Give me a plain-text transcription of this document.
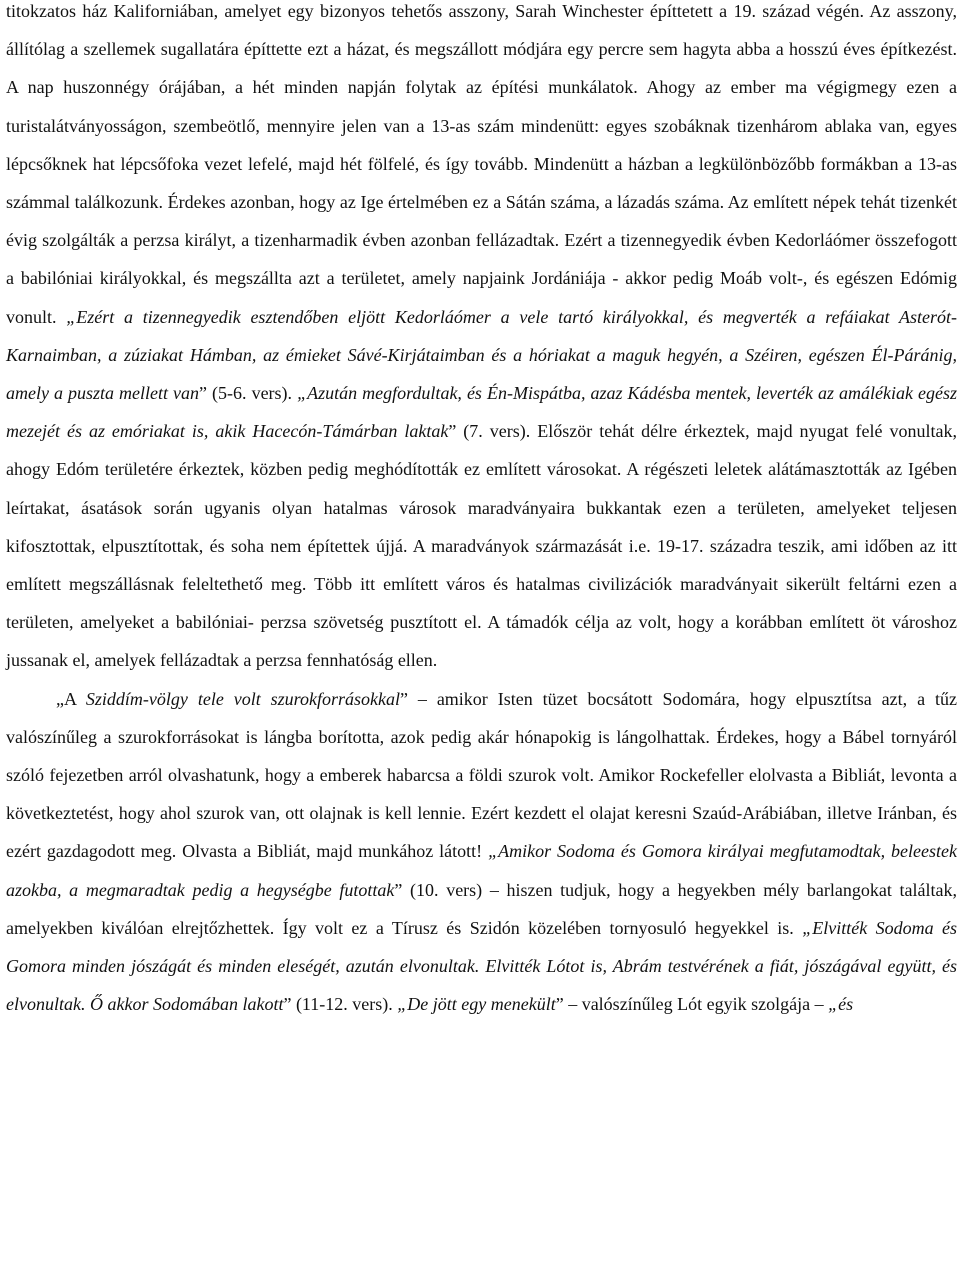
titokzatos ház Kaliforniában, amelyet egy bizonyos tehetős asszony, Sarah Winchester építtetett a 19. század végén. Az asszony, állítólag a szellemek sugallatára építtette ezt a házat, és megszállott módjára egy percre sem hagyta abba a hosszú éves építkezést. A nap huszonnégy órájában, a hét minden napján folytak az építési munkálatok. Ahogy az ember ma végigmegy ezen a turistalátványosságon, szembeötlő, mennyire jelen van a 13-as szám mindenütt: egyes szobáknak tizenhárom ablaka van, egyes lépcsőknek hat lépcsőfoka vezet lefelé, majd hét fölfelé, és így tovább. Mindenütt a házban a legkülönbözőbb formákban a 13-as számmal találkozunk. Érdekes azonban, hogy az Ige értelmében ez a Sátán száma, a lázadás száma. Az említett népek tehát tizenkét évig szolgálták a perzsa királyt, a tizenharmadik évben azonban fellázadtak. Ezért a tizennegyedik évben Kedorláómer összefogott a babilóniai királyokkal, és megszállta azt a területet, amely napjaink Jordániája - akkor pedig Moáb volt-, és egészen Edómig vonult. „Ezért a tizennegyedik esztendőben eljött Kedorláómer a vele tartó királyokkal, és megverték a refáiakat Asterót-Karnaimban, a zúziakat Hámban, az émieket Sávé-Kirjátaimban és a hóriakat a maguk hegyén, a Széiren, egészen Él-Páránig, amely a puszta mellett van” (5-6. vers). „Azután megfordultak, és Én-Mispátba, azaz Kádésba mentek, leverték az amálékiak egész mezejét és az emóriakat is, akik Hacecón-Támárban laktak” (7. vers). Először tehát délre érkeztek, majd nyugat felé vonultak, ahogy Edóm területére érkeztek, közben pedig meghódították ez említett városokat. A régészeti leletek alátámasztották az Igében leírtakat, ásatások során ugyanis olyan hatalmas városok maradványaira bukkantak ezen a területen, amelyeket teljesen kifosztottak, elpusztítottak, és soha nem építettek újjá. A maradványok származását i.e. 19-17. századra teszik, ami időben az itt említett megszállásnak feleltethető meg. Több itt említett város és hatalmas civilizációk maradványait sikerült feltárni ezen a területen, amelyeket a babilóniai- perzsa szövetség pusztított el. A támadók célja az volt, hogy a korábban említett öt városhoz jussanak el, amelyek fellázadtak a perzsa fennhatóság ellen.

„A Sziddím-völgy tele volt szurokforrásokkal” – amikor Isten tüzet bocsátott Sodomára, hogy elpusztítsa azt, a tűz valószínűleg a szurokforrásokat is lángba borította, azok pedig akár hónapokig is lángolhattak. Érdekes, hogy a Bábel tornyáról szóló fejezetben arról olvashatunk, hogy a emberek habarcsa a földi szurok volt. Amikor Rockefeller elolvasta a Bibliát, levonta a következtetést, hogy ahol szurok van, ott olajnak is kell lennie. Ezért kezdett el olajat keresni Szaúd-Arábiában, illetve Iránban, és ezért gazdagodott meg. Olvasta a Bibliát, majd munkához látott! „Amikor Sodoma és Gomora királyai megfutamodtak, beleestek azokba, a megmaradtak pedig a hegységbe futottak” (10. vers) – hiszen tudjuk, hogy a hegyekben mély barlangokat találtak, amelyekben kiválóan elrejtőzhettek. Így volt ez a Tírusz és Szidón közelében tornyosuló hegyekkel is. „Elvitték Sodoma és Gomora minden jószágát és minden eleségét, azután elvonultak. Elvitték Lótot is, Abrám testvérének a fiát, jószágával együtt, és elvonultak. Ő akkor Sodomában lakott” (11-12. vers). „De jött egy menekült” – valószínűleg Lót egyik szolgája – „és
